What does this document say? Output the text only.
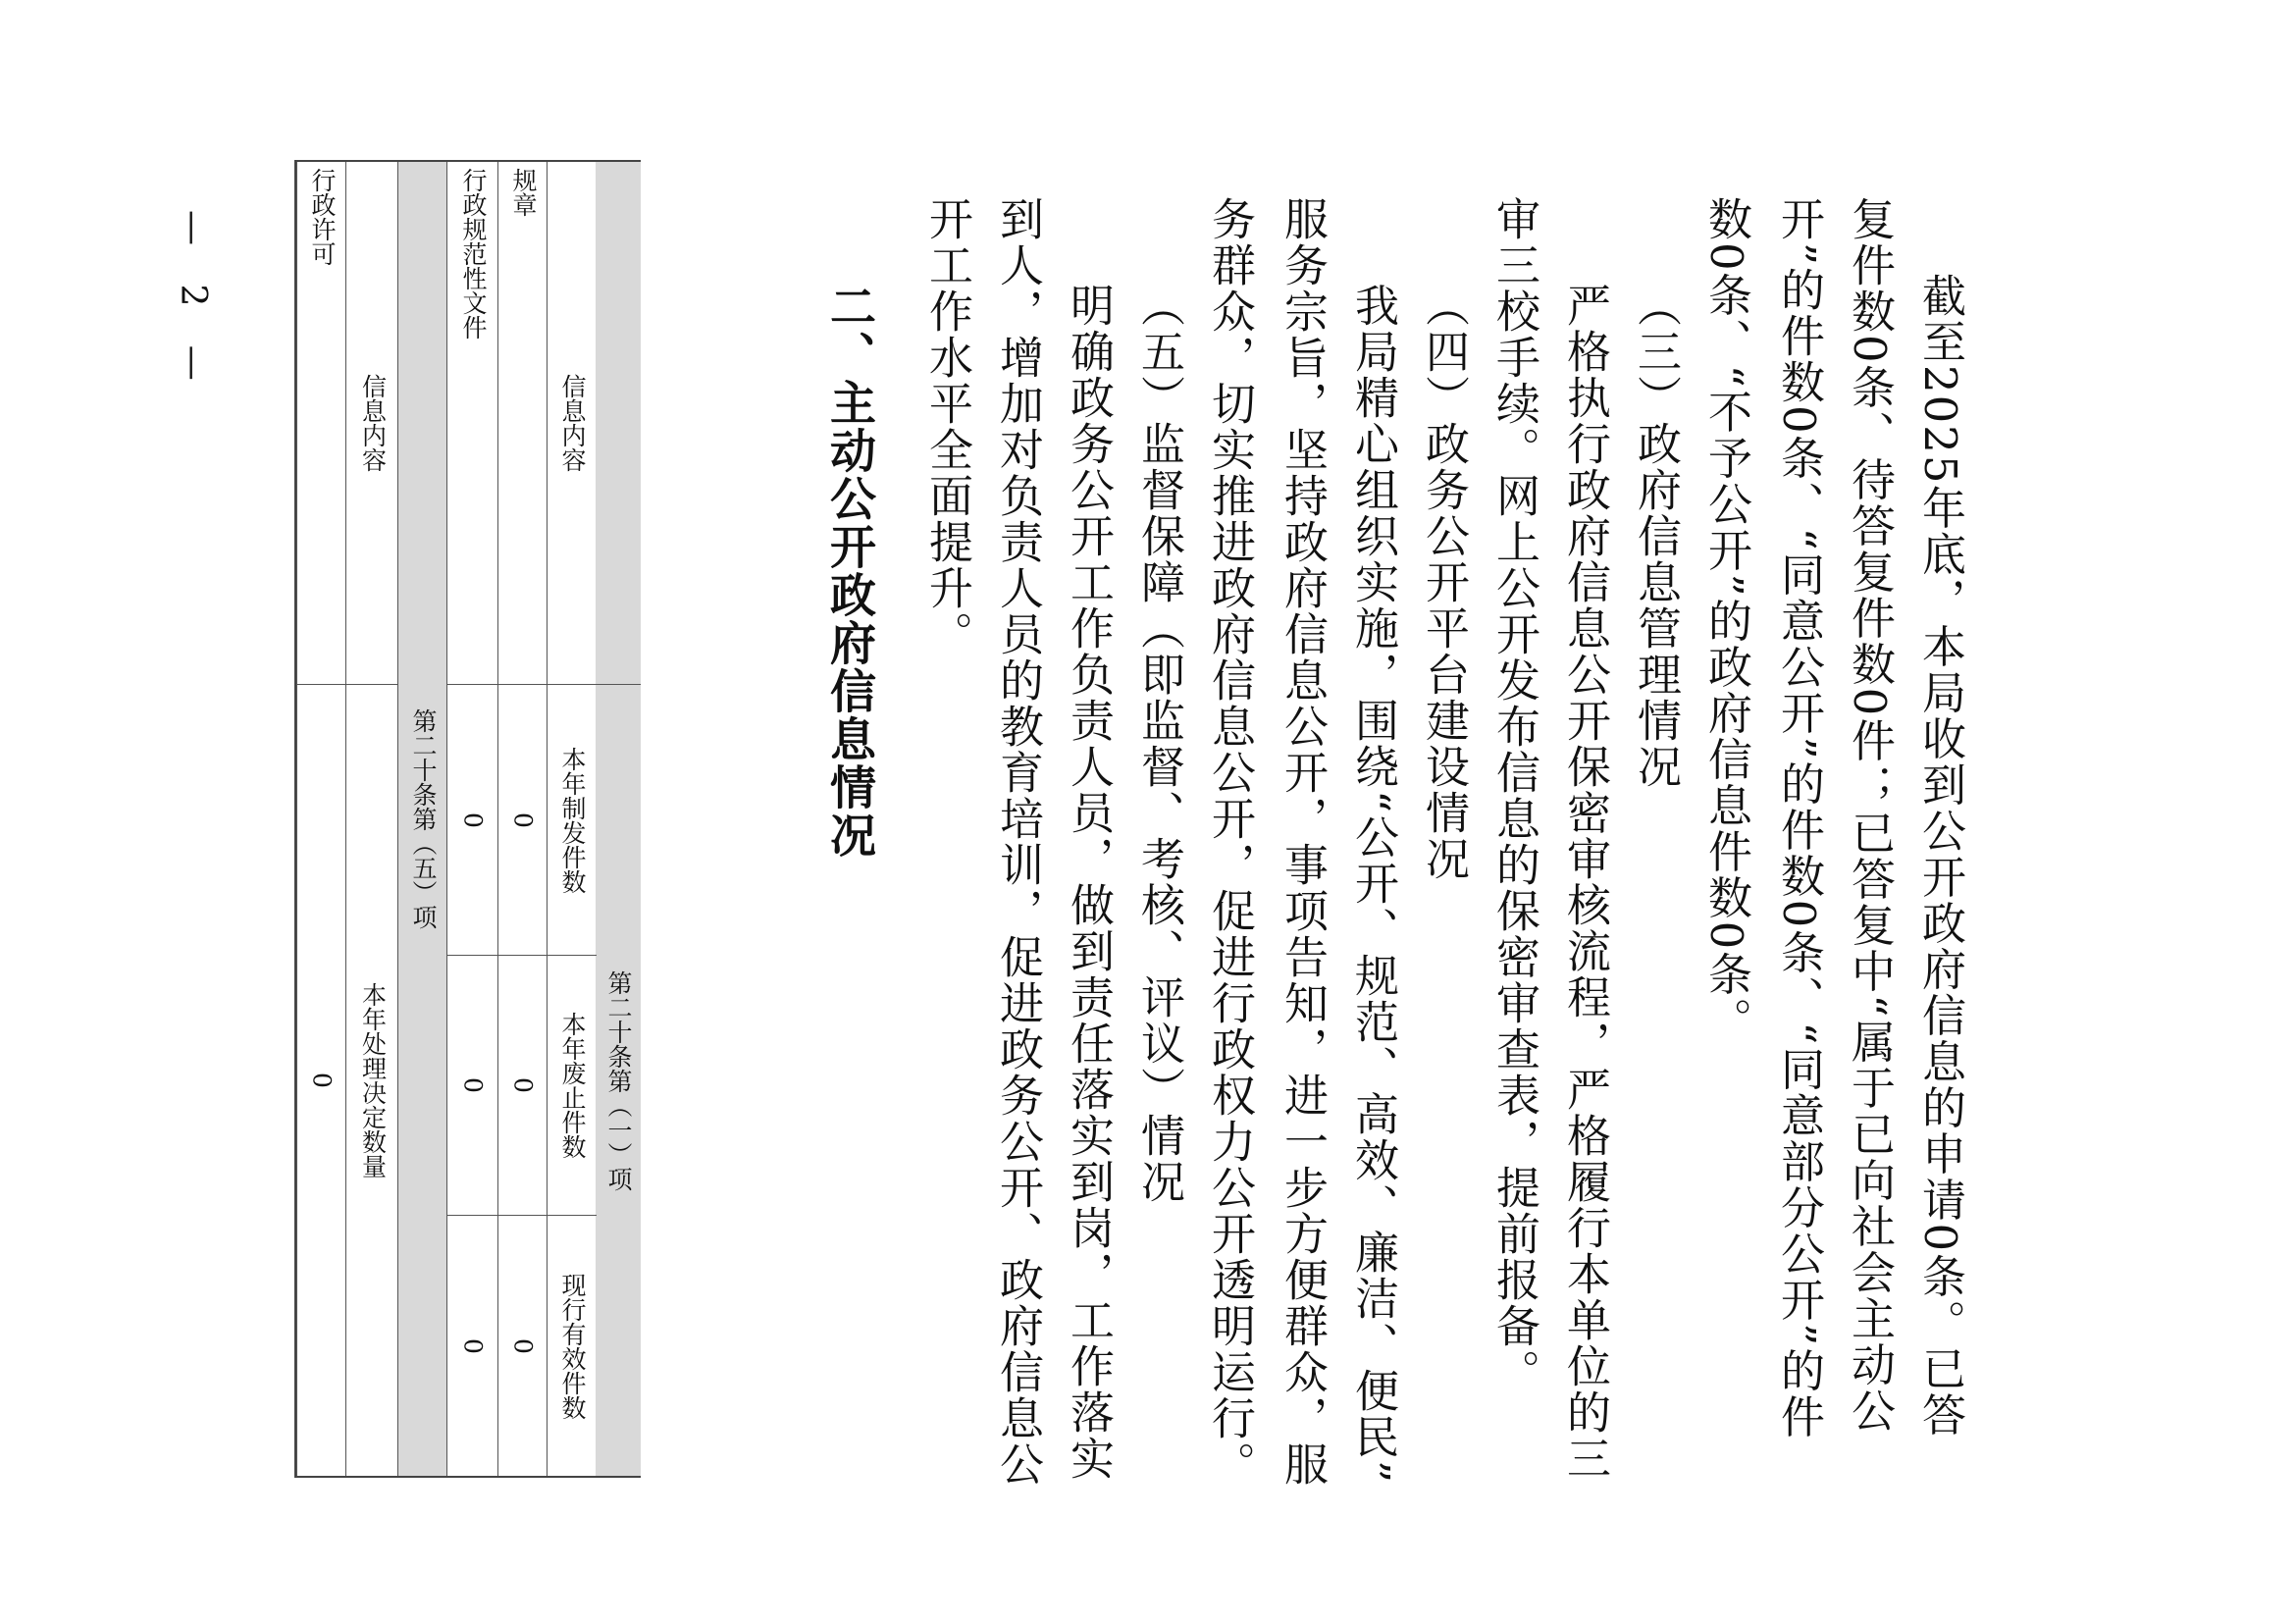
截至2025年底，本局收到公开政府信息的申请0条。已答
复件数0条、待答复件数0件；已答复中“属于已向社会主动公
开”的件数0条、“同意公开”的件数0条、“同意部分公开”的件
数0条、“不予公开”的政府信息件数0条。
（三）政府信息管理情况
严格执行政府信息公开保密审核流程，严格履行本单位的三
审三校手续。网上公开发布信息的保密审查表，提前报备。
（四）政务公开平台建设情况
我局精心组织实施，围绕“公开、规范、高效、廉洁、便民”
服务宗旨，坚持政府信息公开，事项告知，进一步方便群众，服
务群众，切实推进政府信息公开，促进行政权力公开透明运行。
（五）监督保障（即监督、考核、评议）情况
明确政务公开工作负责人员，做到责任落实到岗，工作落实
到人，增加对负责人员的教育培训，促进政务公开、政府信息公
开工作水平全面提升。
二、主动公开政府信息情况
第二十条第（一）项
信息内容
本年制发件数
本年废止件数
现行有效件数
规章
0
0
0
行政规范性文件
0
0
0
第二十条第（五）项
信息内容
本年处理决定数量
行政许可
0
— 2 —
